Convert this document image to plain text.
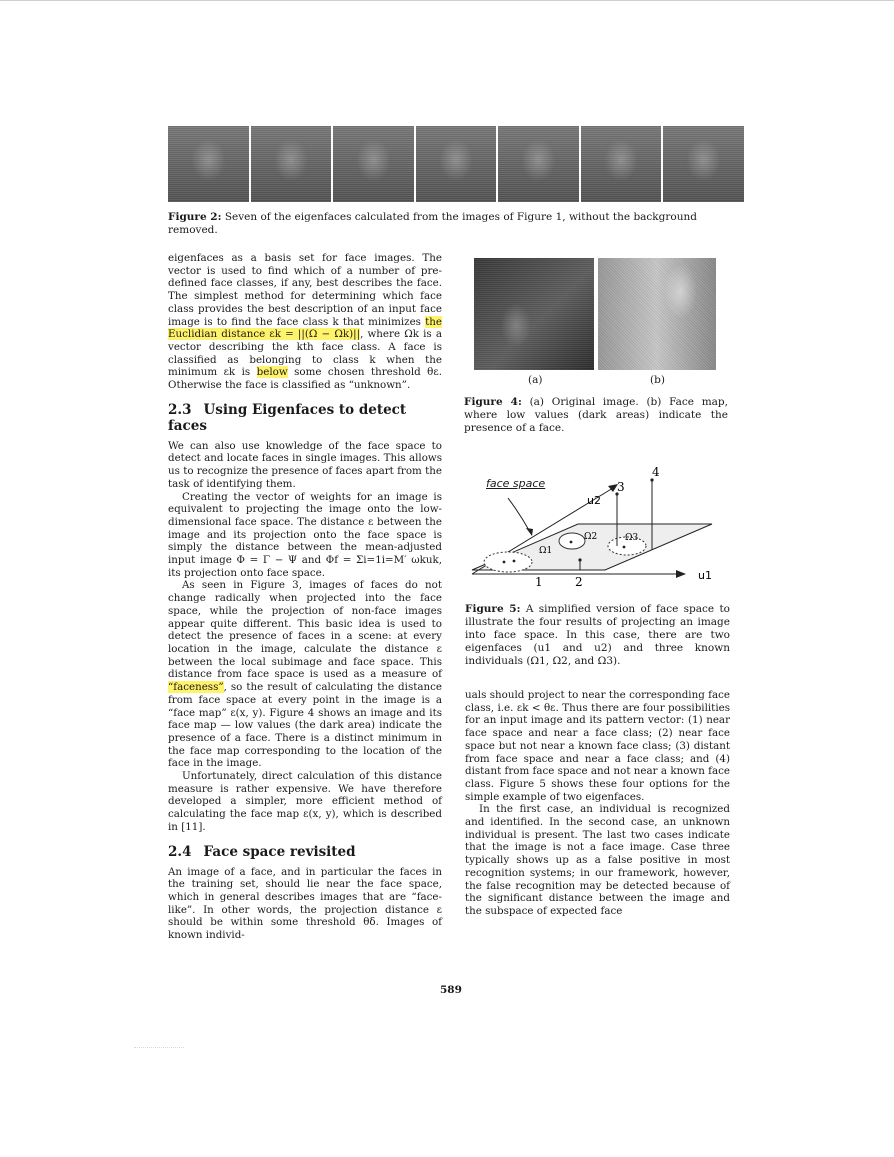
Figure 2: Seven of the eigenfaces calculated from the images of Figure 1, without the background removed.

eigenfaces as a basis set for face images. The vector is used to find which of a number of pre-defined face classes, if any, best describes the face. The simplest method for determining which face class provides the best description of an input face image is to find the face class k that minimizes the Euclidian distance εk = ||(Ω − Ωk)||, where Ωk is a vector describing the kth face class. A face is classified as belonging to class k when the minimum εk is below some chosen threshold θε. Otherwise the face is classified as “unknown”.

2.3 Using Eigenfaces to detect faces

We can also use knowledge of the face space to detect and locate faces in single images. This allows us to recognize the presence of faces apart from the task of identifying them.

Creating the vector of weights for an image is equivalent to projecting the image onto the low-dimensional face space. The distance ε between the image and its projection onto the face space is simply the distance between the mean-adjusted input image Φ = Γ − Ψ and Φf = Σi=1i=M′ ωkuk, its projection onto face space.

As seen in Figure 3, images of faces do not change radically when projected into the face space, while the projection of non-face images appear quite different. This basic idea is used to detect the presence of faces in a scene: at every location in the image, calculate the distance ε between the local subimage and face space. This distance from face space is used as a measure of “faceness”, so the result of calculating the distance from face space at every point in the image is a “face map” ε(x, y). Figure 4 shows an image and its face map — low values (the dark area) indicate the presence of a face. There is a distinct minimum in the face map corresponding to the location of the face in the image.

Unfortunately, direct calculation of this distance measure is rather expensive. We have therefore developed a simpler, more efficient method of calculating the face map ε(x, y), which is described in [11].

2.4 Face space revisited

An image of a face, and in particular the faces in the training set, should lie near the face space, which in general describes images that are “face-like”. In other words, the projection distance ε should be within some threshold θδ. Images of known individ-

(a)	(b)
Figure 4: (a) Original image. (b) Face map, where low values (dark areas) indicate the presence of a face.
1	2
3
4
u1
u2
Ω1
Ω2	Ω3
face space
Figure 5: A simplified version of face space to illustrate the four results of projecting an image into face space. In this case, there are two eigenfaces (u1 and u2) and three known individuals (Ω1, Ω2, and Ω3).

uals should project to near the corresponding face class, i.e. εk < θε. Thus there are four possibilities for an input image and its pattern vector: (1) near face space and near a face class; (2) near face space but not near a known face class; (3) distant from face space and near a face class; and (4) distant from face space and not near a known face class. Figure 5 shows these four options for the simple example of two eigenfaces.

In the first case, an individual is recognized and identified. In the second case, an unknown individual is present. The last two cases indicate that the image is not a face image. Case three typically shows up as a false positive in most recognition systems; in our framework, however, the false recognition may be detected because of the significant distance between the image and the subspace of expected face

589
